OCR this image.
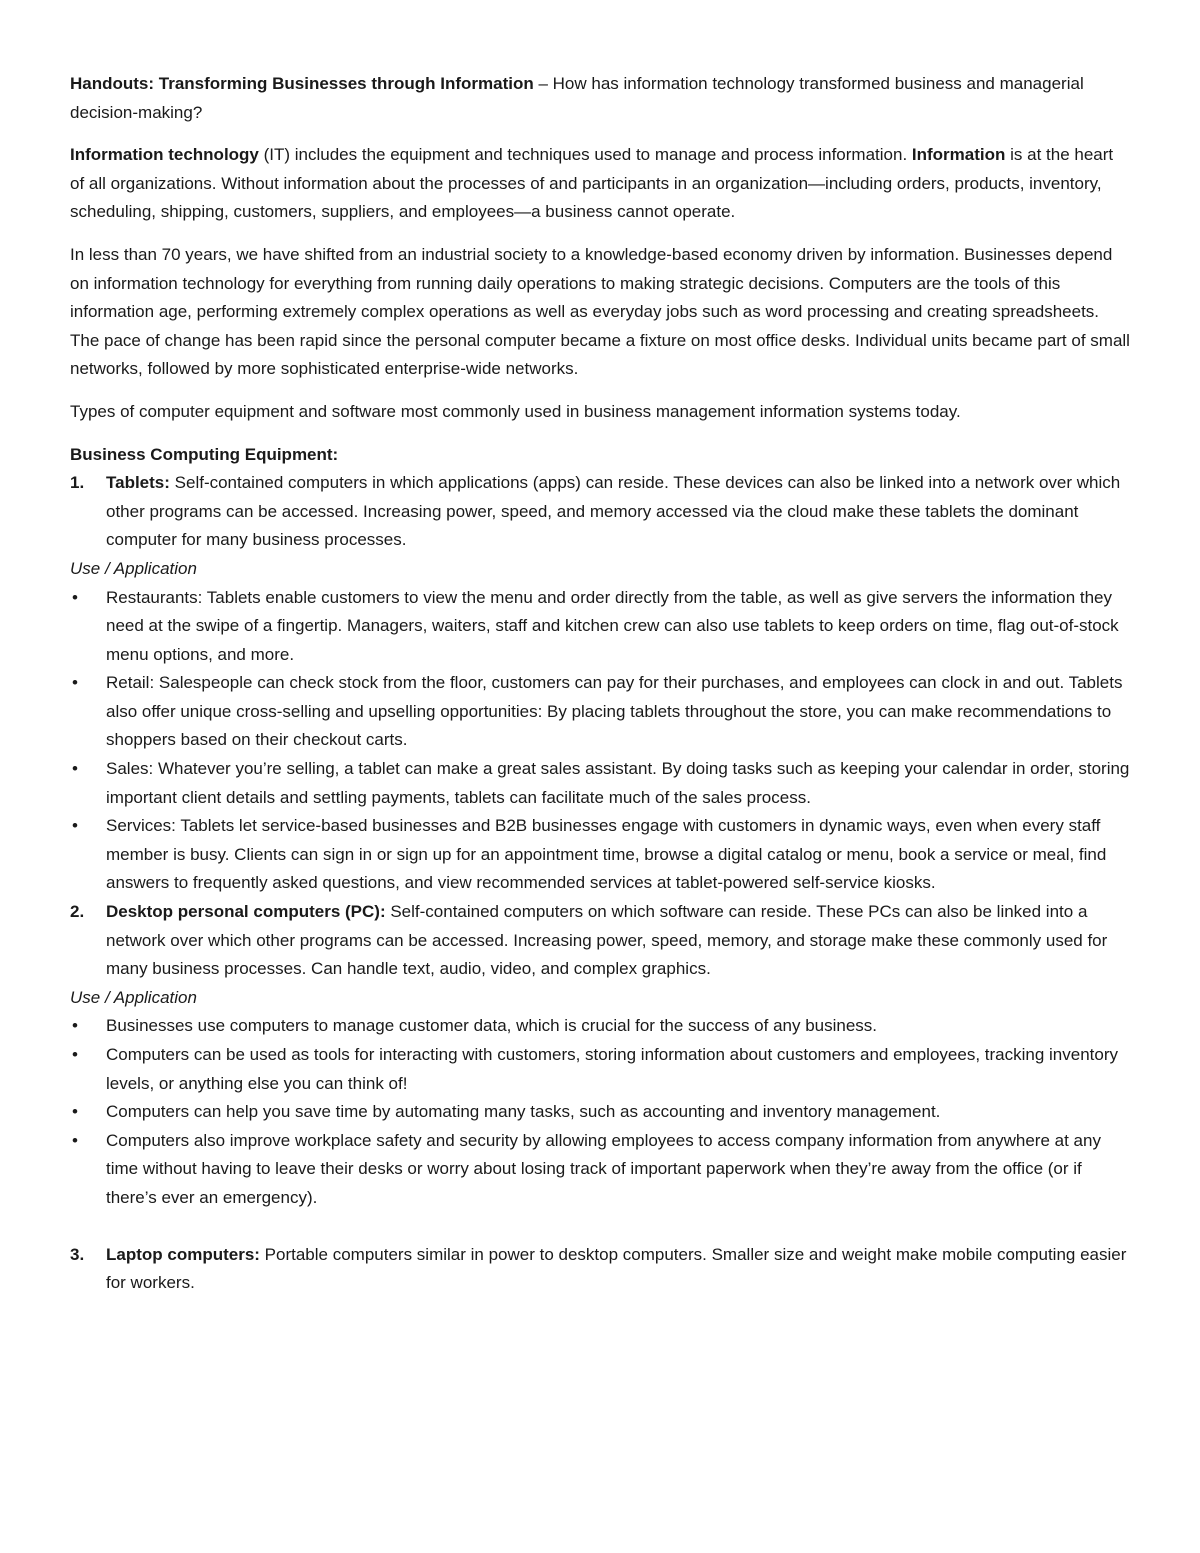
Handouts: Transforming Businesses through Information – How has information technology transformed business and managerial decision-making?

Information technology (IT) includes the equipment and techniques used to manage and process information. Information is at the heart of all organizations. Without information about the processes of and participants in an organization—including orders, products, inventory, scheduling, shipping, customers, suppliers, and employees—a business cannot operate.

In less than 70 years, we have shifted from an industrial society to a knowledge-based economy driven by information. Businesses depend on information technology for everything from running daily operations to making strategic decisions. Computers are the tools of this information age, performing extremely complex operations as well as everyday jobs such as word processing and creating spreadsheets. The pace of change has been rapid since the personal computer became a fixture on most office desks. Individual units became part of small networks, followed by more sophisticated enterprise-wide networks.

Types of computer equipment and software most commonly used in business management information systems today.

Business Computing Equipment:

1.	Tablets: Self-contained computers in which applications (apps) can reside. These devices can also be linked into a network over which other programs can be accessed. Increasing power, speed, and memory accessed via the cloud make these tablets the dominant computer for many business processes.

Use / Application

• Restaurants: Tablets enable customers to view the menu and order directly from the table, as well as give servers the information they need at the swipe of a fingertip. Managers, waiters, staff and kitchen crew can also use tablets to keep orders on time, flag out-of-stock menu options, and more.
• Retail: Salespeople can check stock from the floor, customers can pay for their purchases, and employees can clock in and out. Tablets also offer unique cross-selling and upselling opportunities: By placing tablets throughout the store, you can make recommendations to shoppers based on their checkout carts.
• Sales: Whatever you’re selling, a tablet can make a great sales assistant. By doing tasks such as keeping your calendar in order, storing important client details and settling payments, tablets can facilitate much of the sales process.
• Services: Tablets let service-based businesses and B2B businesses engage with customers in dynamic ways, even when every staff member is busy. Clients can sign in or sign up for an appointment time, browse a digital catalog or menu, book a service or meal, find answers to frequently asked questions, and view recommended services at tablet-powered self-service kiosks.
2.	Desktop personal computers (PC): Self-contained computers on which software can reside. These PCs can also be linked into a network over which other programs can be accessed. Increasing power, speed, memory, and storage make these commonly used for many business processes. Can handle text, audio, video, and complex graphics.

Use / Application

• Businesses use computers to manage customer data, which is crucial for the success of any business.
• Computers can be used as tools for interacting with customers, storing information about customers and employees, tracking inventory levels, or anything else you can think of!
• Computers can help you save time by automating many tasks, such as accounting and inventory management.
• Computers also improve workplace safety and security by allowing employees to access company information from anywhere at any time without having to leave their desks or worry about losing track of important paperwork when they’re away from the office (or if there’s ever an emergency).
3.	Laptop computers: Portable computers similar in power to desktop computers. Smaller size and weight make mobile computing easier for workers.
